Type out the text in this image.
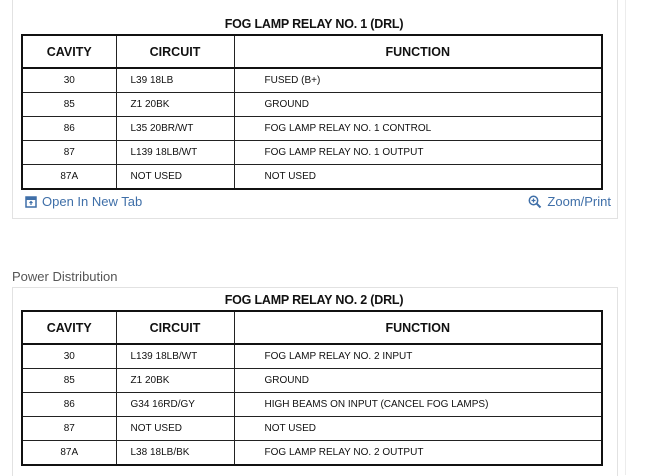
FOG LAMP RELAY NO. 1 (DRL)
CAVITY	CIRCUIT	FUNCTION
30	L39 18LB	FUSED (B+)
85	Z1 20BK	GROUND
86	L35 20BR/WT	FOG LAMP RELAY NO. 1 CONTROL
87	L139 18LB/WT	FOG LAMP RELAY NO. 1 OUTPUT
87A	NOT USED	NOT USED
Open In New Tab	Zoom/Print
Power Distribution
FOG LAMP RELAY NO. 2 (DRL)
CAVITY	CIRCUIT	FUNCTION
30	L139 18LB/WT	FOG LAMP RELAY NO. 2 INPUT
85	Z1 20BK	GROUND
86	G34 16RD/GY	HIGH BEAMS ON INPUT (CANCEL FOG LAMPS)
87	NOT USED	NOT USED
87A	L38 18LB/BK	FOG LAMP RELAY NO. 2 OUTPUT
